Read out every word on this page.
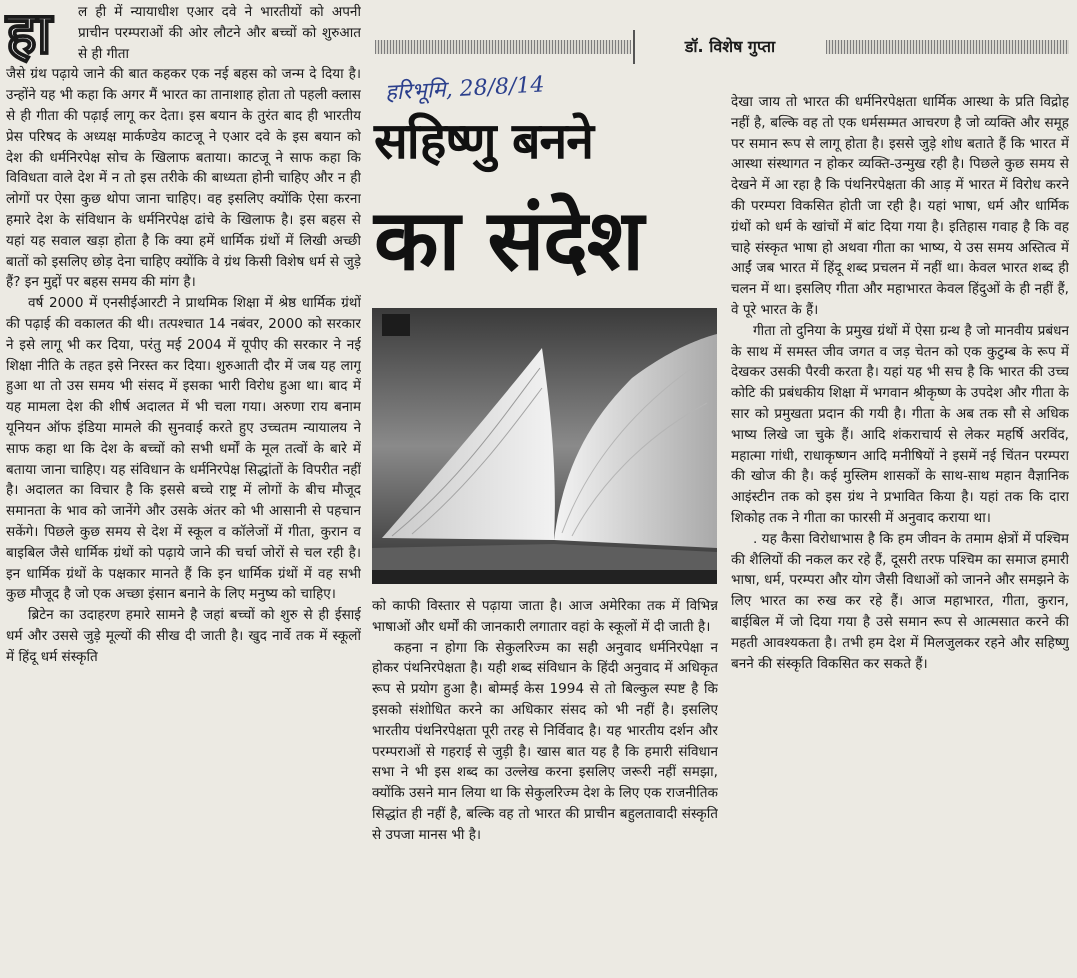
हा	ल ही में न्यायाधीश एआर दवे ने भारतीयों को अपनी प्राचीन परम्पराओं की ओर लौटने और बच्चों को शुरुआत से ही गीता
जैसे ग्रंथ पढ़ाये जाने की बात कहकर एक नई बहस को जन्म दे दिया है। उन्होंने यह भी कहा कि अगर मैं भारत का तानाशाह होता तो पहली क्लास से ही गीता की पढ़ाई लागू कर देता। इस बयान के तुरंत बाद ही भारतीय प्रेस परिषद के अध्यक्ष मार्कण्डेय काटजू ने एआर दवे के इस बयान को देश की धर्मनिरपेक्ष सोच के खिलाफ बताया। काटजू ने साफ कहा कि विविधता वाले देश में न तो इस तरीके की बाध्यता होनी चाहिए और न ही लोगों पर ऐसा कुछ थोपा जाना चाहिए। वह इसलिए क्योंकि ऐसा करना हमारे देश के संविधान के धर्मनिरपेक्ष ढांचे के खिलाफ है। इस बहस से यहां यह सवाल खड़ा होता है कि क्या हमें धार्मिक ग्रंथों में लिखी अच्छी बातों को इसलिए छोड़ देना चाहिए क्योंकि वे ग्रंथ किसी विशेष धर्म से जुड़े हैं? इन मुद्दों पर बहस समय की मांग है।

वर्ष 2000 में एनसीईआरटी ने प्राथमिक शिक्षा में श्रेष्ठ धार्मिक ग्रंथों की पढ़ाई की वकालत की थी। तत्पश्चात 14 नबंवर, 2000 को सरकार ने इसे लागू भी कर दिया, परंतु मई 2004 में यूपीए की सरकार ने नई शिक्षा नीति के तहत इसे निरस्त कर दिया। शुरुआती दौर में जब यह लागू हुआ था तो उस समय भी संसद में इसका भारी विरोध हुआ था। बाद में यह मामला देश की शीर्ष अदालत में भी चला गया। अरुणा राय बनाम यूनियन ऑफ इंडिया मामले की सुनवाई करते हुए उच्चतम न्यायालय ने साफ कहा था कि देश के बच्चों को सभी धर्मों के मूल तत्वों के बारे में बताया जाना चाहिए। यह संविधान के धर्मनिरपेक्ष सिद्धांतों के विपरीत नहीं है। अदालत का विचार है कि इससे बच्चे राष्ट्र में लोगों के बीच मौजूद समानता के भाव को जानेंगे और उसके अंतर को भी आसानी से पहचान सकेंगे। पिछले कुछ समय से देश में स्कूल व कॉलेजों में गीता, कुरान व बाइबिल जैसे धार्मिक ग्रंथों को पढ़ाये जाने की चर्चा जोरों से चल रही है। इन धार्मिक ग्रंथों के पक्षकार मानते हैं कि इन धार्मिक ग्रंथों में वह सभी कुछ मौजूद है जो एक अच्छा इंसान बनाने के लिए मनुष्य को चाहिए।

ब्रिटेन का उदाहरण हमारे सामने है जहां बच्चों को शुरु से ही ईसाई धर्म और उससे जुड़े मूल्यों की सीख दी जाती है। खुद नार्वे तक में स्कूलों में हिंदू धर्म संस्कृति

डॉ. विशेष गुप्ता
हरिभूमि, 28/8/14
सहिष्णु बनने
का संदेश

को काफी विस्तार से पढ़ाया जाता है। आज अमेरिका तक में विभिन्न भाषाओं और धर्मों की जानकारी लगातार वहां के स्कूलों में दी जाती है।

कहना न होगा कि सेकुलरिज्म का सही अनुवाद धर्मनिरपेक्षा न होकर पंथनिरपेक्षता है। यही शब्द संविधान के हिंदी अनुवाद में अधिकृत रूप से प्रयोग हुआ है। बोम्मई केस 1994 से तो बिल्कुल स्पष्ट है कि इसको संशोधित करने का अधिकार संसद को भी नहीं है। इसलिए भारतीय पंथनिरपेक्षता पूरी तरह से निर्विवाद है। यह भारतीय दर्शन और परम्पराओं से गहराई से जुड़ी है। खास बात यह है कि हमारी संविधान सभा ने भी इस शब्द का उल्लेख करना इसलिए जरूरी नहीं समझा, क्योंकि उसने मान लिया था कि सेकुलरिज्म देश के लिए एक राजनीतिक सिद्धांत ही नहीं है, बल्कि वह तो भारत की प्राचीन बहुलतावादी संस्कृति से उपजा मानस भी है।

देखा जाय तो भारत की धर्मनिरपेक्षता धार्मिक आस्था के प्रति विद्रोह नहीं है, बल्कि वह तो एक धर्मसम्मत आचरण है जो व्यक्ति और समूह पर समान रूप से लागू होता है। इससे जुड़े शोध बताते हैं कि भारत में आस्था संस्थागत न होकर व्यक्ति-उन्मुख रही है। पिछले कुछ समय से देखने में आ रहा है कि पंथनिरपेक्षता की आड़ में भारत में विरोध करने की परम्परा विकसित होती जा रही है। यहां भाषा, धर्म और धार्मिक ग्रंथों को धर्म के खांचों में बांट दिया गया है। इतिहास गवाह है कि वह चाहे संस्कृत भाषा हो अथवा गीता का भाष्य, ये उस समय अस्तित्व में आईं जब भारत में हिंदू शब्द प्रचलन में नहीं था। केवल भारत शब्द ही चलन में था। इसलिए गीता और महाभारत केवल हिंदुओं के ही नहीं हैं, वे पूरे भारत के हैं।

गीता तो दुनिया के प्रमुख ग्रंथों में ऐसा ग्रन्थ है जो मानवीय प्रबंधन के साथ में समस्त जीव जगत व जड़ चेतन को एक कुटुम्ब के रूप में देखकर उसकी पैरवी करता है। यहां यह भी सच है कि भारत की उच्च कोटि की प्रबंधकीय शिक्षा में भगवान श्रीकृष्ण के उपदेश और गीता के सार को प्रमुखता प्रदान की गयी है। गीता के अब तक सौ से अधिक भाष्य लिखे जा चुके हैं। आदि शंकराचार्य से लेकर महर्षि अरविंद, महात्मा गांधी, राधाकृष्णन आदि मनीषियों ने इसमें नई चिंतन परम्परा की खोज की है। कई मुस्लिम शासकों के साथ-साथ महान वैज्ञानिक आइंस्टीन तक को इस ग्रंथ ने प्रभावित किया है। यहां तक कि दारा शिकोह तक ने गीता का फारसी में अनुवाद कराया था।

. यह कैसा विरोधाभास है कि हम जीवन के तमाम क्षेत्रों में पश्चिम की शैलियों की नकल कर रहे हैं, दूसरी तरफ पश्चिम का समाज हमारी भाषा, धर्म, परम्परा और योग जैसी विधाओं को जानने और समझने के लिए भारत का रुख कर रहे हैं। आज महाभारत, गीता, कुरान, बाईबिल में जो दिया गया है उसे समान रूप से आत्मसात करने की महती आवश्यकता है। तभी हम देश में मिलजुलकर रहने और सहिष्णु बनने की संस्कृति विकसित कर सकते हैं।
